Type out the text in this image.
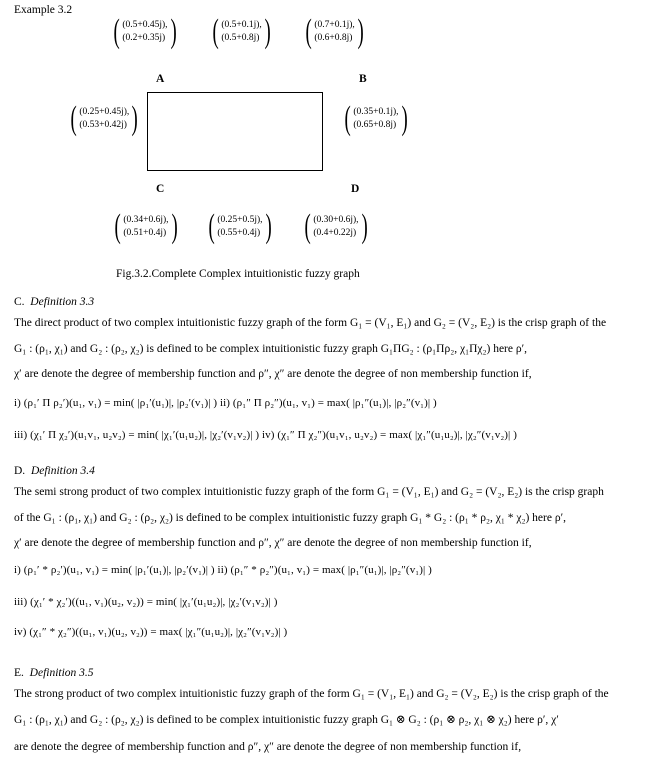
Example 3.2
( (0.5+0.45j),
(0.2+0.35j) ) ( (0.5+0.1j),
(0.5+0.8j) ) ( (0.7+0.1j),
(0.6+0.8j) )
A	B
( (0.25+0.45j),
(0.53+0.42j) )	( (0.35+0.1j),
(0.65+0.8j) )
C	D
( (0.34+0.6j),
(0.51+0.4j) ) ( (0.25+0.5j),
(0.55+0.4j) ) ( (0.30+0.6j),
(0.4+0.22j) )
Fig.3.2.Complete Complex intuitionistic fuzzy graph
C. Definition 3.3
The direct product of two complex intuitionistic fuzzy graph of the form G₁ = (V₁, E₁) and G₂ = (V₂, E₂) is the crisp graph of the
G₁ : (ρ₁, χ₁) and G₂ : (ρ₂, χ₂) is defined to be complex intuitionistic fuzzy graph G₁ΠG₂ : (ρ₁Πρ₂, χ₁Πχ₂) here ρ′,
χ′ are denote the degree of membership function and ρ″, χ″ are denote the degree of non membership function if,
i) (ρ₁′ Π ρ₂′)(u₁, v₁) = min( |ρ₁′(u₁)|, |ρ₂′(v₁)| ) ii) (ρ₁″ Π ρ₂″)(u₁, v₁) = max( |ρ₁″(u₁)|, |ρ₂″(v₁)| )
iii) (χ₁′ Π χ₂′)(u₁v₁, u₂v₂) = min( |χ₁′(u₁u₂)|, |χ₂′(v₁v₂)| ) iv) (χ₁″ Π χ₂″)(u₁v₁, u₂v₂) = max( |χ₁″(u₁u₂)|, |χ₂″(v₁v₂)| )
D. Definition 3.4
The semi strong product of two complex intuitionistic fuzzy graph of the form G₁ = (V₁, E₁) and G₂ = (V₂, E₂) is the crisp graph
of the G₁ : (ρ₁, χ₁) and G₂ : (ρ₂, χ₂) is defined to be complex intuitionistic fuzzy graph G₁ * G₂ : (ρ₁ * ρ₂, χ₁ * χ₂) here ρ′,
χ′ are denote the degree of membership function and ρ″, χ″ are denote the degree of non membership function if,
i) (ρ₁′ * ρ₂′)(u₁, v₁) = min( |ρ₁′(u₁)|, |ρ₂′(v₁)| ) ii) (ρ₁″ * ρ₂″)(u₁, v₁) = max( |ρ₁″(u₁)|, |ρ₂″(v₁)| )
iii) (χ₁′ * χ₂′)((u₁, v₁)(u₂, v₂)) = min( |χ₁′(u₁u₂)|, |χ₂′(v₁v₂)| )
iv) (χ₁″ * χ₂″)((u₁, v₁)(u₂, v₂)) = max( |χ₁″(u₁u₂)|, |χ₂″(v₁v₂)| )
E. Definition 3.5
The strong product of two complex intuitionistic fuzzy graph of the form G₁ = (V₁, E₁) and G₂ = (V₂, E₂) is the crisp graph of the
G₁ : (ρ₁, χ₁) and G₂ : (ρ₂, χ₂) is defined to be complex intuitionistic fuzzy graph G₁ ⊗ G₂ : (ρ₁ ⊗ ρ₂, χ₁ ⊗ χ₂) here ρ′, χ′
are denote the degree of membership function and ρ″, χ″ are denote the degree of non membership function if,
